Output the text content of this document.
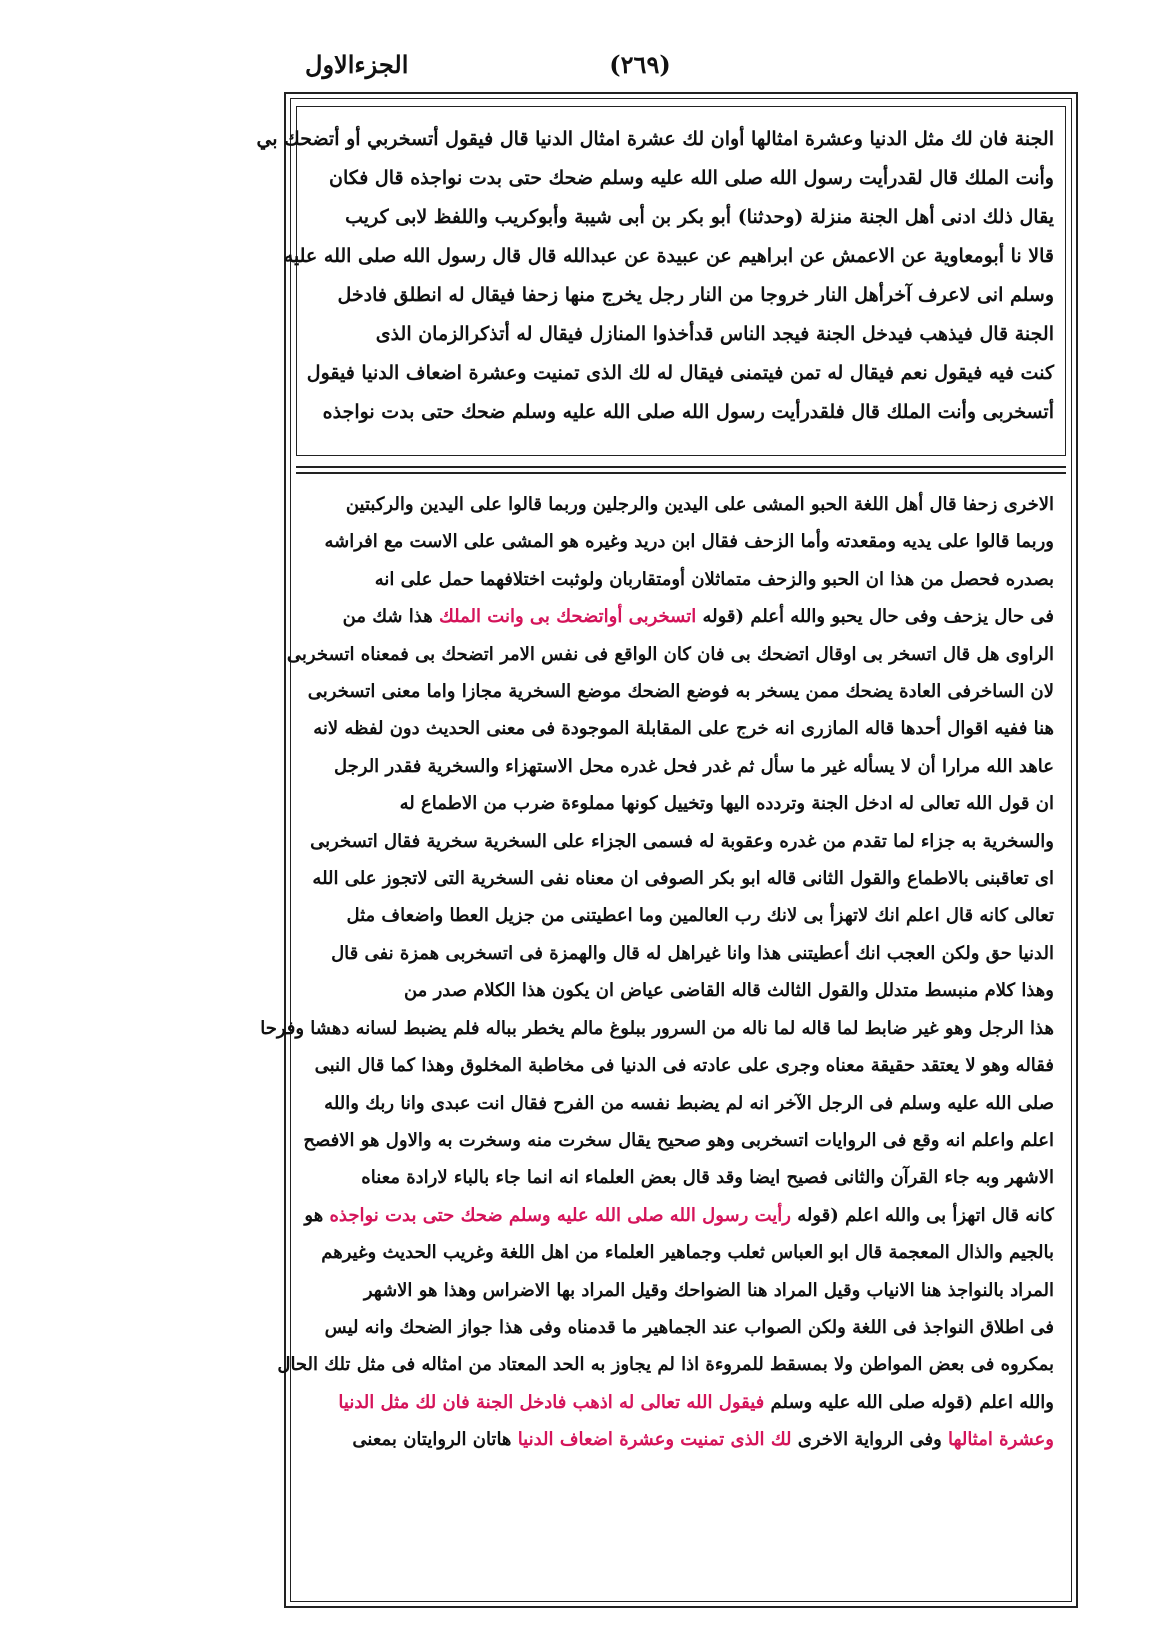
(٢٦٩)
الجزءالاول
الجنة فان لك مثل الدنيا وعشرة امثالها أوان لك عشرة امثال الدنيا قال فيقول أتسخربي أو أتضحك بي
وأنت الملك قال لقدرأيت رسول الله صلى الله عليه وسلم ضحك حتى بدت نواجذه قال فكان
يقال ذلك ادنى أهل الجنة منزلة (وحدثنا) أبو بكر بن أبى شيبة وأبوكريب واللفظ لابى كريب
قالا نا أبومعاوية عن الاعمش عن ابراهيم عن عبيدة عن عبدالله قال قال رسول الله صلى الله عليه
وسلم انى لاعرف آخرأهل النار خروجا من النار رجل يخرج منها زحفا فيقال له انطلق فادخل
الجنة قال فيذهب فيدخل الجنة فيجد الناس قدأخذوا المنازل فيقال له أتذكرالزمان الذى
كنت فيه فيقول نعم فيقال له تمن فيتمنى فيقال له لك الذى تمنيت وعشرة اضعاف الدنيا فيقول
أتسخربى وأنت الملك قال فلقدرأيت رسول الله صلى الله عليه وسلم ضحك حتى بدت نواجذه
الاخرى زحفا قال أهل اللغة الحبو المشى على اليدين والرجلين وربما قالوا على اليدين والركبتين
وربما قالوا على يديه ومقعدته وأما الزحف فقال ابن دريد وغيره هو المشى على الاست مع افراشه
بصدره فحصل من هذا ان الحبو والزحف متماثلان أومتقاربان ولوثبت اختلافهما حمل على انه
فى حال يزحف وفى حال يحبو والله أعلم (قوله اتسخربى أواتضحك بى وانت الملك هذا شك من
الراوى هل قال اتسخر بى اوقال اتضحك بى فان كان الواقع فى نفس الامر اتضحك بى فمعناه اتسخربى
لان الساخرفى العادة يضحك ممن يسخر به فوضع الضحك موضع السخرية مجازا واما معنى اتسخربى
هنا ففيه اقوال أحدها قاله المازرى انه خرج على المقابلة الموجودة فى معنى الحديث دون لفظه لانه
عاهد الله مرارا أن لا يسأله غير ما سأل ثم غدر فحل غدره محل الاستهزاء والسخرية فقدر الرجل
ان قول الله تعالى له ادخل الجنة وتردده اليها وتخييل كونها مملوءة ضرب من الاطماع له
والسخرية به جزاء لما تقدم من غدره وعقوبة له فسمى الجزاء على السخرية سخرية فقال اتسخربى
اى تعاقبنى بالاطماع والقول الثانى قاله ابو بكر الصوفى ان معناه نفى السخرية التى لاتجوز على الله
تعالى كانه قال اعلم انك لاتهزأ بى لانك رب العالمين وما اعطيتنى من جزيل العطا واضعاف مثل
الدنيا حق ولكن العجب انك أعطيتنى هذا وانا غيراهل له قال والهمزة فى اتسخربى همزة نفى قال
وهذا كلام منبسط متدلل والقول الثالث قاله القاضى عياض ان يكون هذا الكلام صدر من
هذا الرجل وهو غير ضابط لما قاله لما ناله من السرور ببلوغ مالم يخطر بباله فلم يضبط لسانه دهشا وفرحا
فقاله وهو لا يعتقد حقيقة معناه وجرى على عادته فى الدنيا فى مخاطبة المخلوق وهذا كما قال النبى
صلى الله عليه وسلم فى الرجل الآخر انه لم يضبط نفسه من الفرح فقال انت عبدى وانا ربك والله
اعلم واعلم انه وقع فى الروايات اتسخربى وهو صحيح يقال سخرت منه وسخرت به والاول هو الافصح
الاشهر وبه جاء القرآن والثانى فصيح ايضا وقد قال بعض العلماء انه انما جاء بالباء لارادة معناه
كانه قال اتهزأ بى والله اعلم (قوله رأيت رسول الله صلى الله عليه وسلم ضحك حتى بدت نواجذه هو
بالجيم والذال المعجمة قال ابو العباس ثعلب وجماهير العلماء من اهل اللغة وغريب الحديث وغيرهم
المراد بالنواجذ هنا الانياب وقيل المراد هنا الضواحك وقيل المراد بها الاضراس وهذا هو الاشهر
فى اطلاق النواجذ فى اللغة ولكن الصواب عند الجماهير ما قدمناه وفى هذا جواز الضحك وانه ليس
بمكروه فى بعض المواطن ولا بمسقط للمروءة اذا لم يجاوز به الحد المعتاد من امثاله فى مثل تلك الحال
والله اعلم (قوله صلى الله عليه وسلم فيقول الله تعالى له اذهب فادخل الجنة فان لك مثل الدنيا
وعشرة امثالها وفى الرواية الاخرى لك الذى تمنيت وعشرة اضعاف الدنيا هاتان الروايتان بمعنى
